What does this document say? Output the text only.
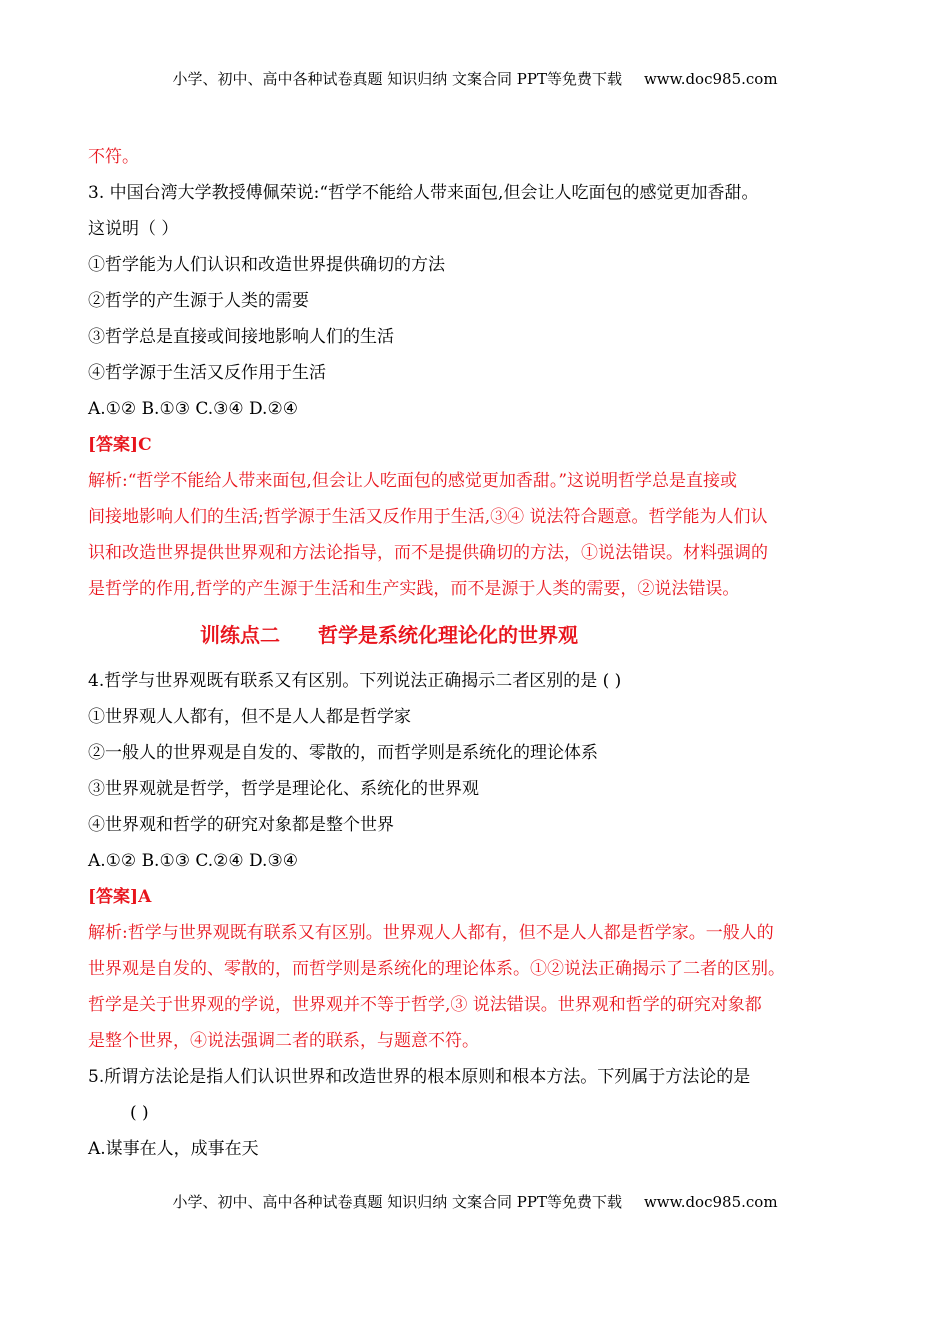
小学、初中、高中各种试卷真题 知识归纳 文案合同 PPT等免费下载 www.doc985.com
不符。
3. 中国台湾大学教授傅佩荣说:“哲学不能给人带来面包,但会让人吃面包的感觉更加香甜。
这说明（ ）
①哲学能为人们认识和改造世界提供确切的方法
②哲学的产生源于人类的需要
③哲学总是直接或间接地影响人们的生活
④哲学源于生活又反作用于生活
A.①② B.①③ C.③④ D.②④
[答案]C
解析:“哲学不能给人带来面包,但会让人吃面包的感觉更加香甜。”这说明哲学总是直接或
间接地影响人们的生活;哲学源于生活又反作用于生活,③④ 说法符合题意。哲学能为人们认
识和改造世界提供世界观和方法论指导，而不是提供确切的方法，①说法错误。材料强调的
是哲学的作用,哲学的产生源于生活和生产实践，而不是源于人类的需要，②说法错误。
训练点二 哲学是系统化理论化的世界观
4.哲学与世界观既有联系又有区别。下列说法正确揭示二者区别的是 ( )
①世界观人人都有，但不是人人都是哲学家
②一般人的世界观是自发的、零散的，而哲学则是系统化的理论体系
③世界观就是哲学，哲学是理论化、系统化的世界观
④世界观和哲学的研究对象都是整个世界
A.①② B.①③ C.②④ D.③④
[答案]A
解析:哲学与世界观既有联系又有区别。世界观人人都有，但不是人人都是哲学家。一般人的
世界观是自发的、零散的，而哲学则是系统化的理论体系。①②说法正确揭示了二者的区别。
哲学是关于世界观的学说，世界观并不等于哲学,③ 说法错误。世界观和哲学的研究对象都
是整个世界，④说法强调二者的联系，与题意不符。
5.所谓方法论是指人们认识世界和改造世界的根本原则和根本方法。下列属于方法论的是
( )
A.谋事在人，成事在天
小学、初中、高中各种试卷真题 知识归纳 文案合同 PPT等免费下载 www.doc985.com
